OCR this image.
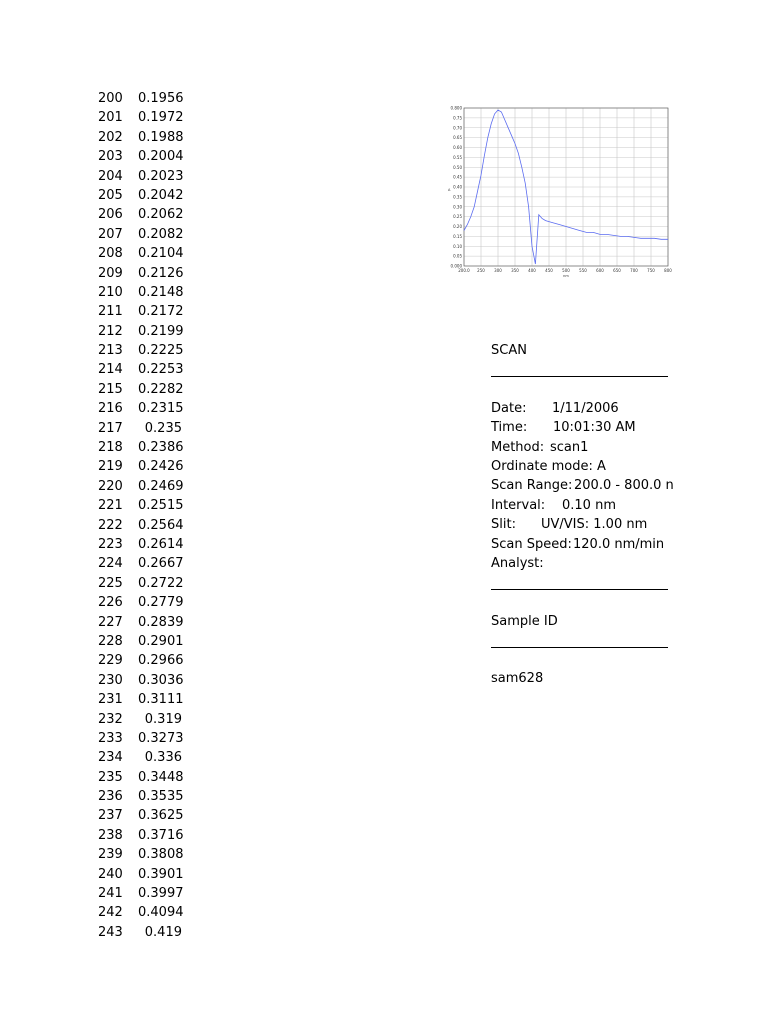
200 0.1956
201 0.1972
202 0.1988
203 0.2004
204 0.2023
205 0.2042
206 0.2062
207 0.2082
208 0.2104
209 0.2126
210 0.2148
211 0.2172
212 0.2199
213 0.2225
214 0.2253
215 0.2282
216 0.2315
217	0.235
218 0.2386
219 0.2426
220 0.2469
221 0.2515
222 0.2564
223 0.2614
224 0.2667
225 0.2722
226 0.2779
227 0.2839
228 0.2901
229 0.2966
230 0.3036
231 0.3111
232	0.319
233 0.3273
234	0.336
235 0.3448
236 0.3535
237 0.3625
238 0.3716
239 0.3808
240 0.3901
241 0.3997
242 0.4094
243	0.419
0.000
0.05
0.10
0.15
0.20
0.25
0.30
0.35
0.40
0.45
0.50
0.55
0.60
0.65
0.70
0.75
0.800
200.0 250 300 350 400 450 500 550 600 650 700 750 800
nm
A
SCAN
Date: 1/11/2006
Time: 10:01:30 AM
Method: scan1
Ordinate mode: A
Scan Range: 200.0 - 800.0 n
Interval: 0.10 nm
Slit: UV/VIS: 1.00 nm
Scan Speed: 120.0 nm/min
Analyst:
Sample ID
sam628
